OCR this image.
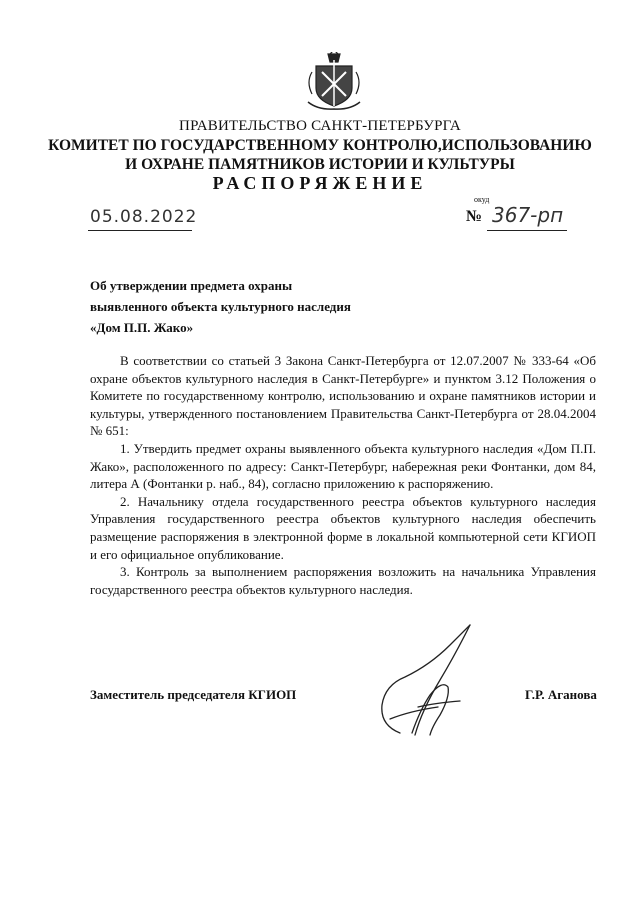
ПРАВИТЕЛЬСТВО САНКТ-ПЕТЕРБУРГА
КОМИТЕТ ПО ГОСУДАРСТВЕННОМУ КОНТРОЛЮ,ИСПОЛЬЗОВАНИЮ
И ОХРАНЕ ПАМЯТНИКОВ ИСТОРИИ И КУЛЬТУРЫ
РАСПОРЯЖЕНИЕ
окуд
05.08.2022	№ 367-рп
Об утверждении предмета охраны
выявленного объекта культурного наследия
«Дом П.П. Жако»

В соответствии со статьей 3 Закона Санкт-Петербурга от 12.07.2007 № 333-64 «Об охране объектов культурного наследия в Санкт-Петербурге» и пунктом 3.12 Положения о Комитете по государственному контролю, использованию и охране памятников истории и культуры, утвержденного постановлением Правительства Санкт-Петербурга от 28.04.2004 № 651:

1. Утвердить предмет охраны выявленного объекта культурного наследия «Дом П.П. Жако», расположенного по адресу: Санкт-Петербург, набережная реки Фонтанки, дом 84, литера А (Фонтанки р. наб., 84), согласно приложению к распоряжению.

2. Начальнику отдела государственного реестра объектов культурного наследия Управления государственного реестра объектов культурного наследия обеспечить размещение распоряжения в электронной форме в локальной компьютерной сети КГИОП и его официальное опубликование.

3. Контроль за выполнением распоряжения возложить на начальника Управления государственного реестра объектов культурного наследия.

Заместитель председателя КГИОП	Г.Р. Аганова
